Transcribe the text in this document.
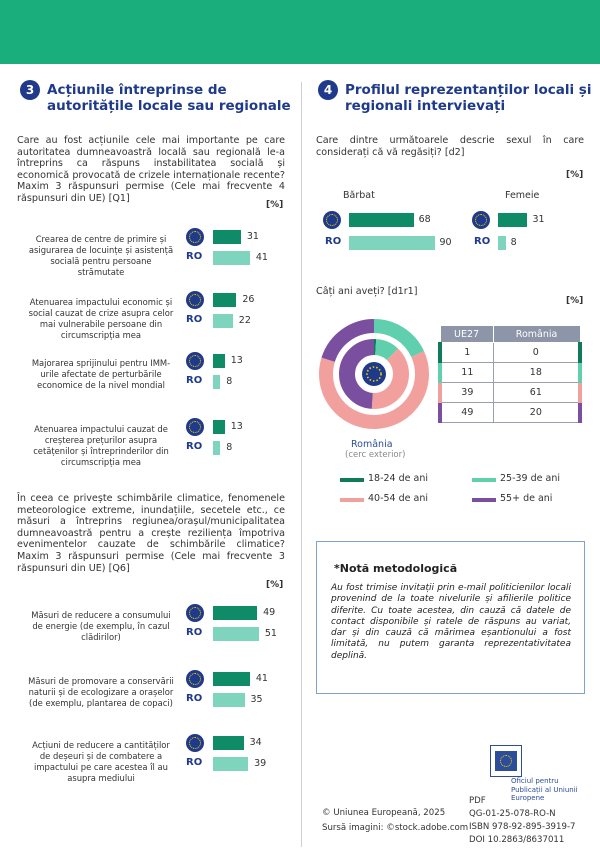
3 Acțiunile întreprinse de
autoritățile locale sau regionale
Care au fost acțiunile cele mai importante pe care autoritatea dumneavoastră locală sau regională le-a întreprins ca răspuns instabilitatea socială și economică provocată de crizele internaționale recente? Maxim 3 răspunsuri permise (Cele mai frecvente 4 răspunsuri din UE) [Q1]
[%]
În ceea ce privește schimbările climatice, fenomenele meteorologice extreme, inundațiile, secetele etc., ce măsuri a întreprins regiunea/orașul/municipalitatea dumneavoastră pentru a crește reziliența împotriva evenimentelor cauzate de schimbările climatice? Maxim 3 răspunsuri permise (Cele mai frecvente 3 răspunsuri din UE) [Q6]
[%]
4 Profilul reprezentanților locali și
regionali intervievați
Care dintre următoarele descrie sexul în care considerați că vă regăsiți? [d2]
[%]
Bărbat	Femeie
Câți ani aveți? [d1r1]
[%]
România
(cerc exterior)
UE27	România
1	0
11	18
39	61
49	20
*Notă metodologică
Au fost trimise invitații prin e-mail politicienilor locali provenind de la toate nivelurile și afilierile politice diferite. Cu toate acestea, din cauză că datele de contact disponibile și ratele de răspuns au variat, dar și din cauză că mărimea eșantionului a fost limitată, nu putem garanta reprezentativitatea deplină.
© Uniunea Europeană, 2025
Sursă imagini: ©stock.adobe.com
PDF
QG-01-25-078-RO-N
ISBN 978-92-895-3919-7
DOI 10.2863/8637011
Oficiul pentru Publicații al Uniunii Europene
Crearea de centre de primire și asigurarea de locuințe și asistență socială pentru persoane strămutate
RO
31
41
Atenuarea impactului economic și social cauzat de crize asupra celor mai vulnerabile persoane din circumscripția mea
RO
26
22
Majorarea sprijinului pentru IMM-urile afectate de perturbările economice de la nivel mondial	RO
13
8
Atenuarea impactului cauzat de creșterea prețurilor asupra cetățenilor și întreprinderilor din circumscripția mea
RO
13
8
Măsuri de reducere a consumului de energie (de exemplu, în cazul clădirilor)	RO
49
51
Măsuri de promovare a conservării naturii și de ecologizare a orașelor (de exemplu, plantarea de copaci)	RO
41
35
Acțiuni de reducere a cantităților de deșeuri și de combatere a impactului pe care acestea îl au asupra mediului
RO
34
39
RO
68
90 RO
31
8
18-24 de ani	25-39 de ani
40-54 de ani	55+ de ani
